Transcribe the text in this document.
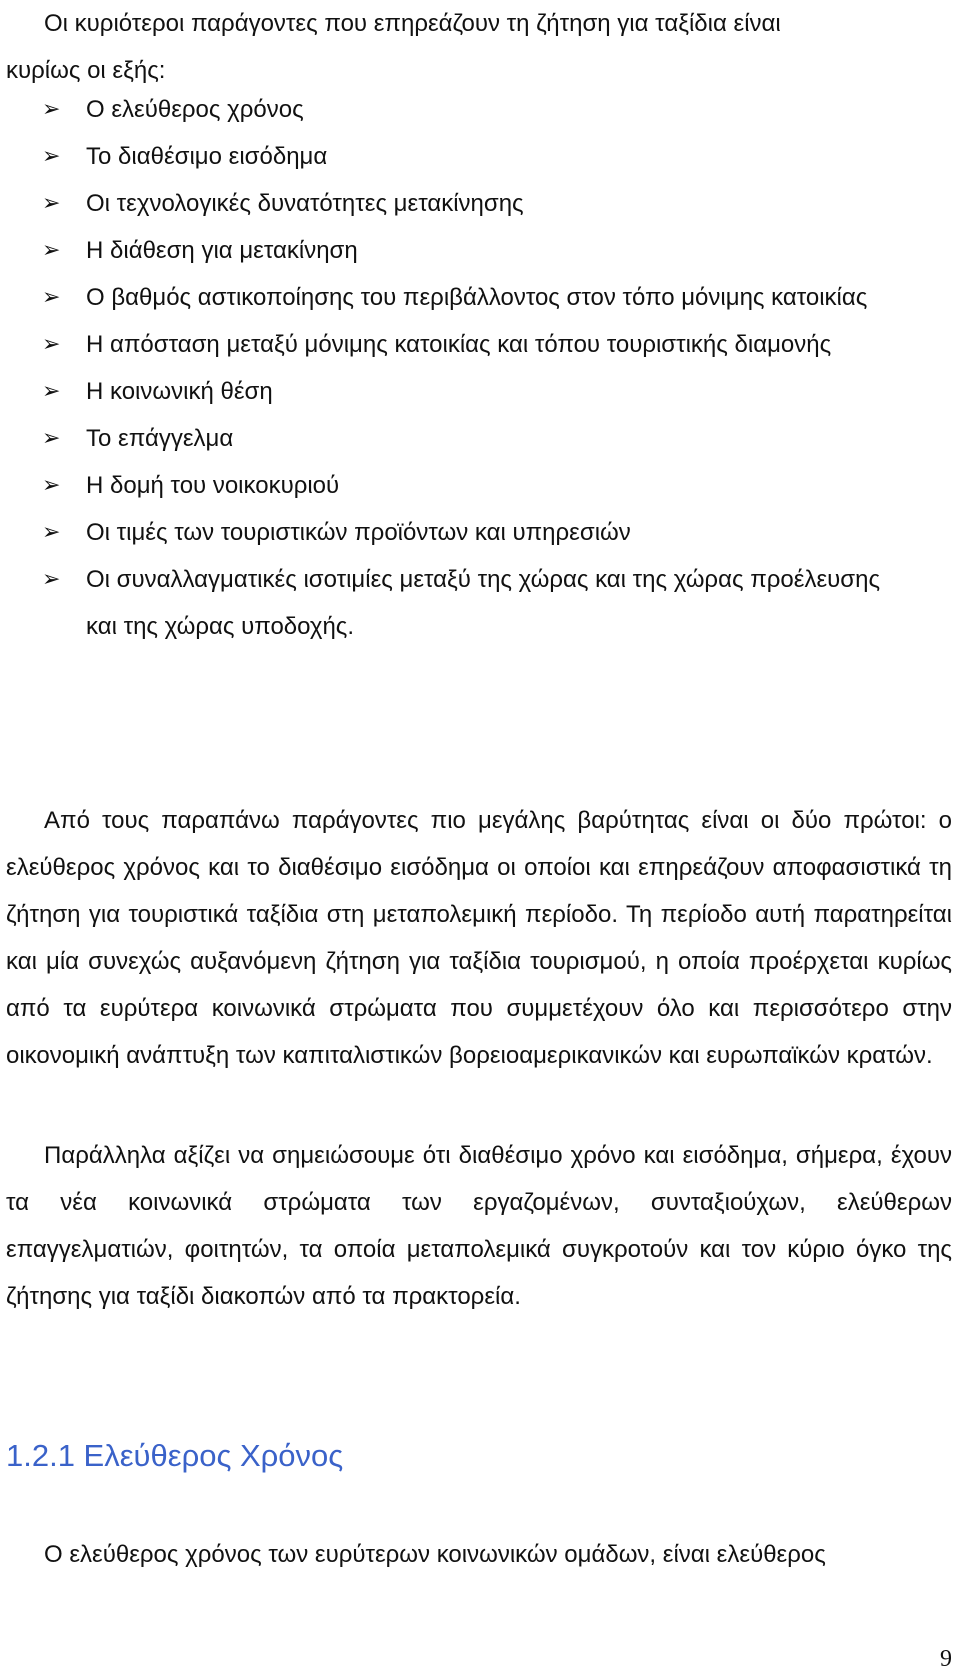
Οι κυριότεροι παράγοντες που επηρεάζουν τη ζήτηση για ταξίδια είναι
κυρίως οι εξής:

➢
Ο ελεύθερος χρόνος
➢
Το διαθέσιμο εισόδημα
➢
Οι τεχνολογικές δυνατότητες μετακίνησης
➢
Η διάθεση για μετακίνηση
➢
Ο βαθμός αστικοποίησης του περιβάλλοντος στον τόπο μόνιμης κατοικίας
➢
Η απόσταση μεταξύ μόνιμης κατοικίας και τόπου τουριστικής διαμονής
➢
Η κοινωνική θέση
➢
Το επάγγελμα
➢
Η δομή του νοικοκυριού
➢
Οι τιμές των τουριστικών προϊόντων και υπηρεσιών
➢
Οι συναλλαγματικές ισοτιμίες μεταξύ της χώρας και της χώρας προέλευσης και της χώρας υποδοχής.

Από τους παραπάνω παράγοντες πιο μεγάλης βαρύτητας είναι οι δύο πρώτοι: ο ελεύθερος χρόνος και το διαθέσιμο εισόδημα οι οποίοι και επηρεάζουν αποφασιστικά τη ζήτηση για τουριστικά ταξίδια στη μεταπολεμική περίοδο. Τη περίοδο αυτή παρατηρείται και μία συνεχώς αυξανόμενη ζήτηση για ταξίδια τουρισμού, η οποία προέρχεται κυρίως από τα ευρύτερα κοινωνικά στρώματα που συμμετέχουν όλο και περισσότερο στην οικονομική ανάπτυξη των καπιταλιστικών βορειοαμερικανικών και ευρωπαϊκών κρατών.

Παράλληλα αξίζει να σημειώσουμε ότι διαθέσιμο χρόνο και εισόδημα, σήμερα, έχουν τα νέα κοινωνικά στρώματα των εργαζομένων, συνταξιούχων, ελεύθερων επαγγελματιών, φοιτητών, τα οποία μεταπολεμικά συγκροτούν και τον κύριο όγκο της ζήτησης για ταξίδι διακοπών από τα πρακτορεία.

1.2.1 Ελεύθερος Χρόνος

Ο ελεύθερος χρόνος των ευρύτερων κοινωνικών ομάδων, είναι ελεύθερος

9
